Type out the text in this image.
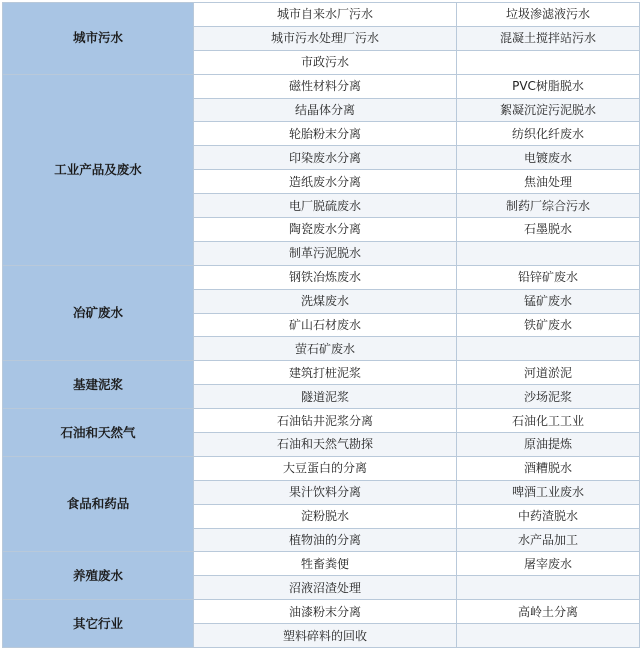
城市污水	城市自来水厂污水	垃圾渗滤液污水
	城市污水处理厂污水	混凝土搅拌站污水
	市政污水	
工业产品及废水	磁性材料分离	PVC树脂脱水
	结晶体分离	絮凝沉淀污泥脱水
	轮胎粉末分离	纺织化纤废水
	印染废水分离	电镀废水
	造纸废水分离	焦油处理
	电厂脱硫废水	制药厂综合污水
	陶瓷废水分离	石墨脱水
	制革污泥脱水	
冶矿废水	钢铁冶炼废水	铅锌矿废水
	洗煤废水	锰矿废水
	矿山石材废水	铁矿废水
	萤石矿废水	
基建泥浆	建筑打桩泥浆	河道淤泥
	隧道泥浆	沙场泥浆
石油和天然气	石油钻井泥浆分离	石油化工工业
	石油和天然气勘探	原油提炼
食品和药品	大豆蛋白的分离	酒糟脱水
	果汁饮料分离	啤酒工业废水
	淀粉脱水	中药渣脱水
	植物油的分离	水产品加工
养殖废水	牲畜粪便	屠宰废水
	沼液沼渣处理	
其它行业	油漆粉末分离	高岭土分离
	塑料碎料的回收	
